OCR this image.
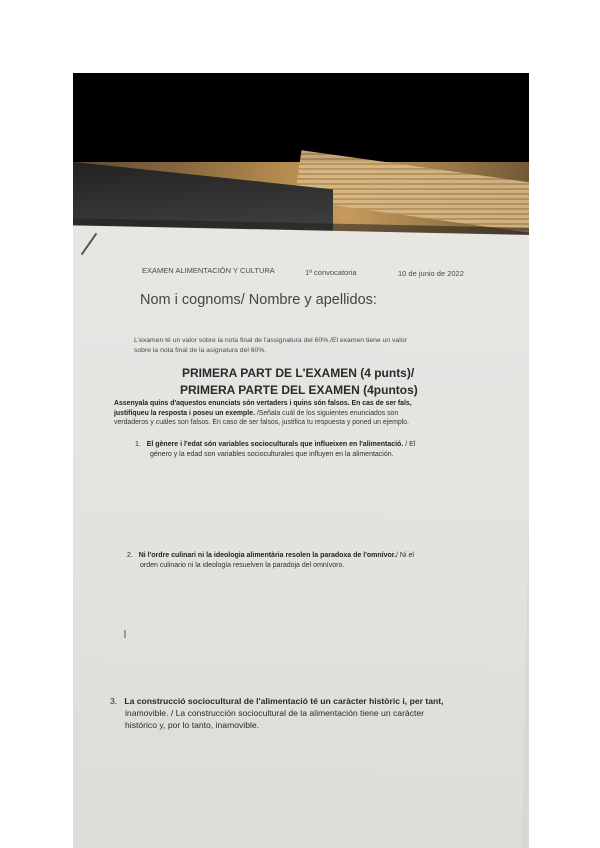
EXAMEN ALIMENTACIÓN Y CULTURA	1ª convocatoria	10 de junio de 2022
Nom i cognoms/ Nombre y apellidos:
L'examen té un valor sobre la nota final de l'assignatura del 60%./El examen tiene un valor
sobre la nota final de la asignatura del 60%.
PRIMERA PART DE L'EXAMEN (4 punts)/
PRIMERA PARTE DEL EXAMEN (4puntos)
Assenyala quins d'aquestos enunciats són vertaders i quins són falsos. En cas de ser fals,
justifiqueu la resposta i poseu un exemple. /Señala cuál de los siguientes enunciados son
verdaderos y cuáles son falsos. En caso de ser falsos, justifica tu respuesta y poned un ejemplo.
1. El gènere i l'edat són variables socioculturals que influeixen en l'alimentació. / El
género y la edad son variables socioculturales que influyen en la alimentación.
2. Ni l'ordre culinari ni la ideologia alimentària resolen la paradoxa de l'omnívor./ Ni el
orden culinario ni la ideología resuelven la paradoja del omnívoro.
3. La construcció sociocultural de l'alimentació té un caràcter històric i, per tant,
inamovible. / La construcción sociocultural de la alimentación tiene un carácter
histórico y, por lo tanto, inamovible.
